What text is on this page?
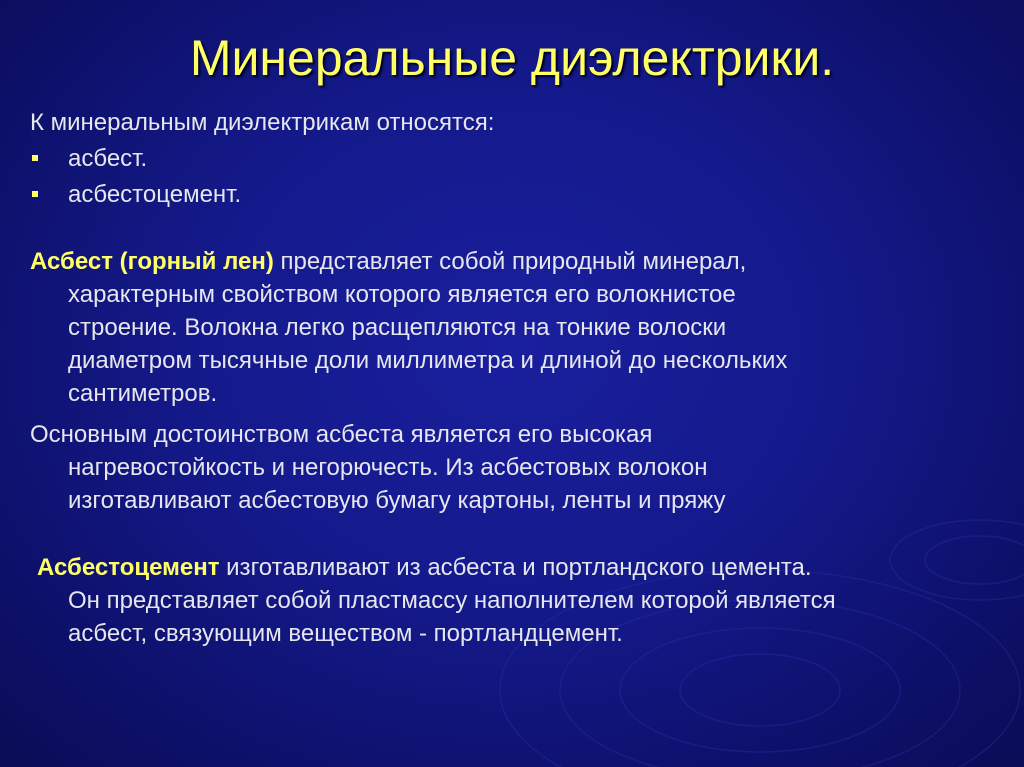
Минеральные диэлектрики.
К минеральным диэлектрикам относятся:
асбест.
асбестоцемент.
Асбест (горный лен) представляет собой природный минерал,
характерным свойством которого является его волокнистое
строение. Волокна легко расщепляются на тонкие волоски
диаметром тысячные доли миллиметра и длиной до нескольких
сантиметров.
Основным достоинством асбеста является его высокая
нагревостойкость и негорючесть. Из асбестовых волокон
изготавливают асбестовую бумагу картоны, ленты и пряжу
Асбестоцемент изготавливают из асбеста и портландского цемента.
Он представляет собой пластмассу наполнителем которой является
асбест, связующим веществом - портландцемент.
